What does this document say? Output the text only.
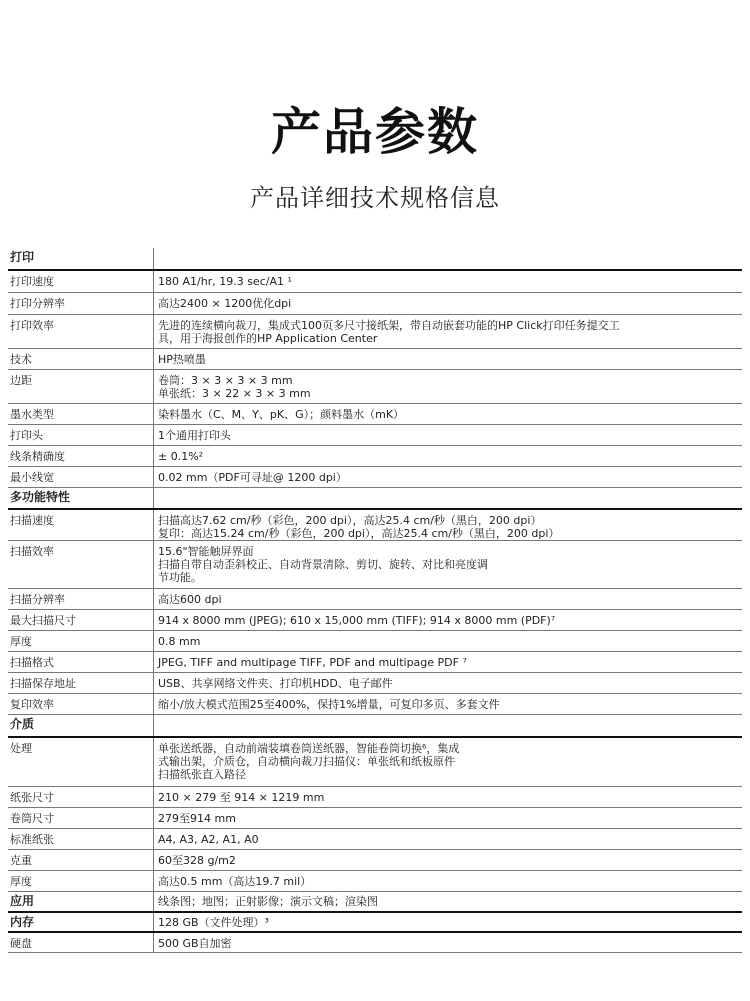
产品参数
产品详细技术规格信息
打印	
打印速度	180 A1/hr, 19.3 sec/A1 ¹

打印分辨率	高达2400 × 1200优化dpi

打印效率	先进的连续横向裁刀，集成式100页多尺寸接纸架，带自动嵌套功能的HP Click打印任务提交工
具，用于海报创作的HP Application Center

技术	HP热喷墨

边距	卷筒：3 × 3 × 3 × 3 mm
单张纸：3 × 22 × 3 × 3 mm

墨水类型	染料墨水（C、M、Y、pK、G）；颜料墨水（mK）

打印头	1个通用打印头

线条精确度	± 0.1%²

最小线宽	0.02 mm（PDF可寻址@ 1200 dpi）

多功能特性	
扫描速度	扫描高达7.62 cm/秒（彩色，200 dpi），高达25.4 cm/秒（黑白，200 dpi）
复印：高达15.24 cm/秒（彩色，200 dpi），高达25.4 cm/秒（黑白，200 dpi）

扫描效率	15.6"智能触屏界面
扫描自带自动歪斜校正、自动背景清除、剪切、旋转、对比和亮度调
节功能。

扫描分辨率	高达600 dpi

最大扫描尺寸	914 x 8000 mm (JPEG); 610 x 15,000 mm (TIFF); 914 x 8000 mm (PDF)⁷

厚度	0.8 mm

扫描格式	JPEG, TIFF and multipage TIFF, PDF and multipage PDF ⁷

扫描保存地址	USB、共享网络文件夹、打印机HDD、电子邮件

复印效率	缩小/放大模式范围25至400%，保持1%增量，可复印多页、多套文件

介质	
处理	单张送纸器，自动前端装填卷筒送纸器，智能卷筒切换⁶，集成
式输出架，介质仓，自动横向裁刀扫描仪：单张纸和纸板原件
扫描纸张直入路径

纸张尺寸	210 × 279 至 914 × 1219 mm

卷筒尺寸	279至914 mm

标准纸张	A4, A3, A2, A1, A0

克重	60至328 g/m2

厚度	高达0.5 mm（高达19.7 mil）

应用	线条图；地图；正射影像；演示文稿；渲染图

内存	128 GB（文件处理）³

硬盘	500 GB自加密
